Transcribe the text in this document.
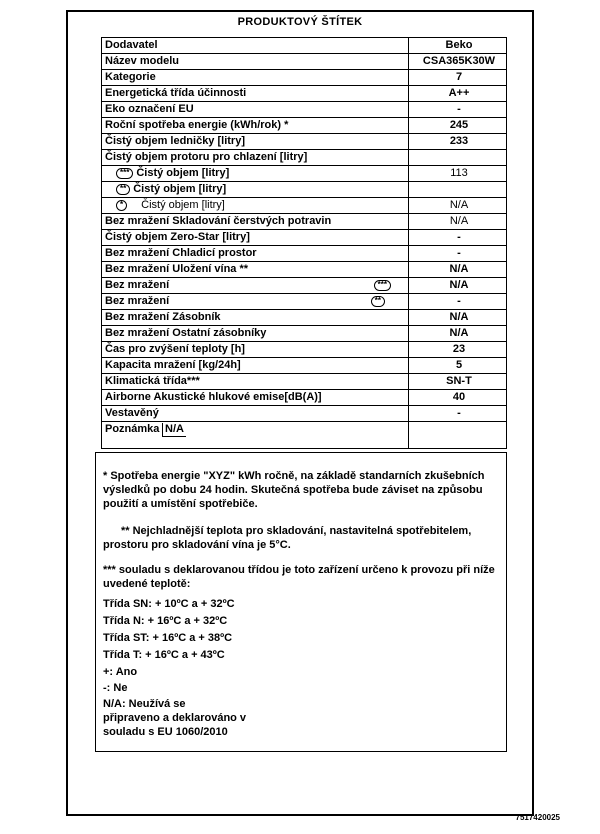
PRODUKTOVÝ ŠTÍTEK
Dodavatel	Beko
Název modelu	CSA365K30W
Kategorie	7
Energetická třída účinnosti	A++
Eko označení EU	-
Roční spotřeba energie (kWh/rok) *	245
Čistý objem ledničky [litry]	233
Čistý objem protoru pro chlazení [litry]
*** Čistý objem [litry]	113
** Čistý objem [litry]
* Čistý objem [litry]	N/A
Bez mražení Skladování čerstvých potravin	N/A
Čistý objem Zero-Star [litry]	-
Bez mražení Chladicí prostor	-
Bez mražení Uložení vína **	N/A
Bez mražení	***	N/A
Bez mražení	**	-
Bez mražení Zásobník	N/A
Bez mražení Ostatní zásobníky	N/A
Čas pro zvýšení teploty [h]	23
Kapacita mražení [kg/24h]	5
Klimatická třída***	SN-T
Airborne Akustické hlukové emise[dB(A)]	40
Vestavěný	-
Poznámka N/A

* Spotřeba energie "XYZ" kWh ročně, na základě standarních zkušebních výsledků po dobu 24 hodin. Skutečná spotřeba bude záviset na způsobu použití a umístění spotřebiče.

** Nejchladnější teplota pro skladování, nastavitelná spotřebitelem, prostoru pro skladování vína je 5°C.

*** souladu s deklarovanou třídou je toto zařízení určeno k provozu při níže uvedené teplotě:

Třída SN: + 10ºC a + 32ºC

Třída N: + 16ºC a + 32ºC

Třída ST: + 16ºC a + 38ºC

Třída T: + 16ºC a + 43ºC

+: Ano

-: Ne

N/A: Neužívá se

připraveno a deklarováno v

souladu s EU 1060/2010

7517420025
